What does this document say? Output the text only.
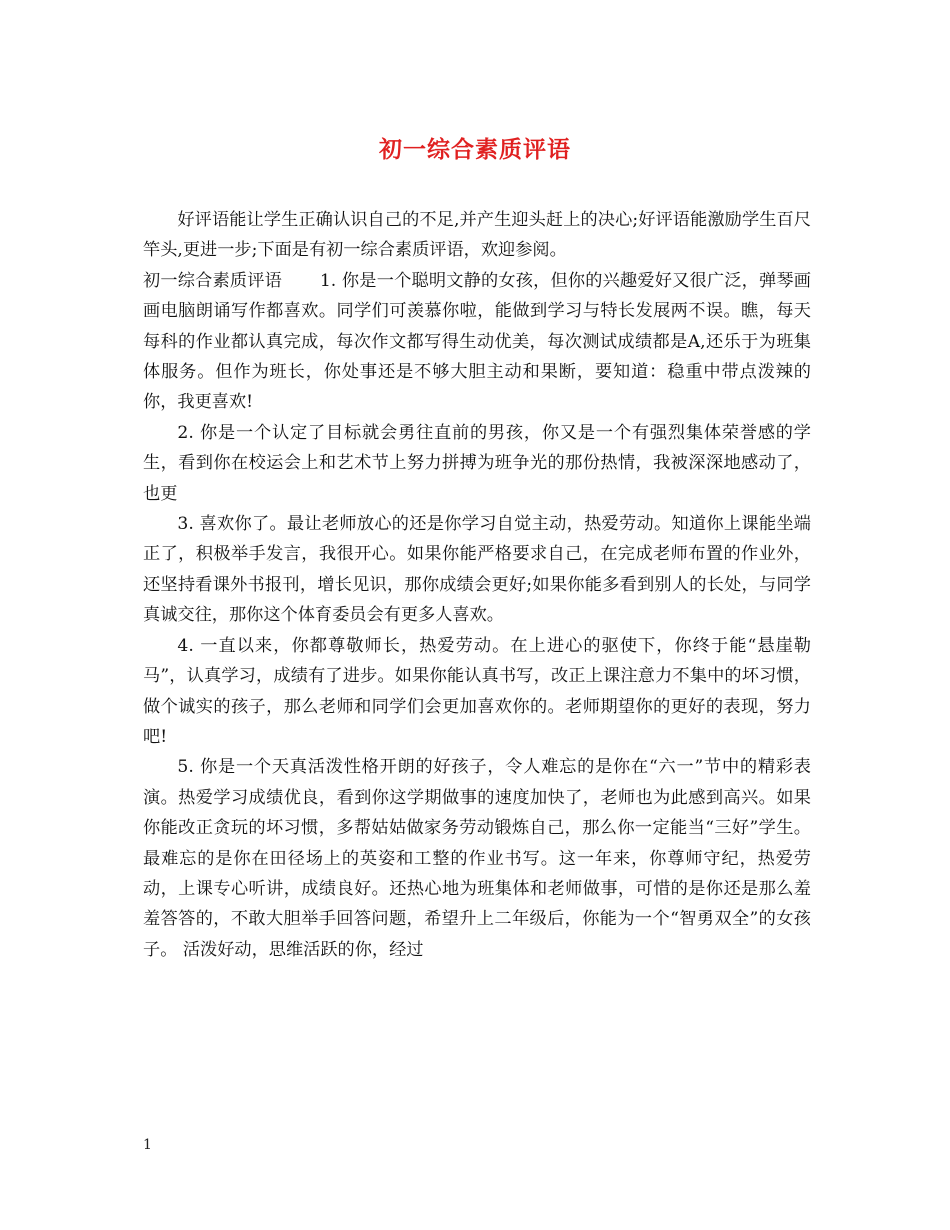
初一综合素质评语

好评语能让学生正确认识自己的不足,并产生迎头赶上的决心;好评语能激励学生百尺竿头,更进一步;下面是有初一综合素质评语，欢迎参阅。

初一综合素质评语 1. 你是一个聪明文静的女孩，但你的兴趣爱好又很广泛，弹琴画画电脑朗诵写作都喜欢。同学们可羡慕你啦，能做到学习与特长发展两不误。瞧，每天每科的作业都认真完成，每次作文都写得生动优美，每次测试成绩都是A,还乐于为班集体服务。但作为班长，你处事还是不够大胆主动和果断，要知道：稳重中带点泼辣的你，我更喜欢!

2. 你是一个认定了目标就会勇往直前的男孩，你又是一个有强烈集体荣誉感的学生，看到你在校运会上和艺术节上努力拼搏为班争光的那份热情，我被深深地感动了，也更

3. 喜欢你了。最让老师放心的还是你学习自觉主动，热爱劳动。知道你上课能坐端正了，积极举手发言，我很开心。如果你能严格要求自己，在完成老师布置的作业外，还坚持看课外书报刊，增长见识，那你成绩会更好;如果你能多看到别人的长处，与同学真诚交往，那你这个体育委员会有更多人喜欢。

4. 一直以来，你都尊敬师长，热爱劳动。在上进心的驱使下，你终于能“悬崖勒马”，认真学习，成绩有了进步。如果你能认真书写，改正上课注意力不集中的坏习惯，做个诚实的孩子，那么老师和同学们会更加喜欢你的。老师期望你的更好的表现，努力吧!

5. 你是一个天真活泼性格开朗的好孩子，令人难忘的是你在“六一”节中的精彩表演。热爱学习成绩优良，看到你这学期做事的速度加快了，老师也为此感到高兴。如果你能改正贪玩的坏习惯，多帮姑姑做家务劳动锻炼自己，那么你一定能当“三好”学生。 最难忘的是你在田径场上的英姿和工整的作业书写。这一年来，你尊师守纪，热爱劳动，上课专心听讲，成绩良好。还热心地为班集体和老师做事，可惜的是你还是那么羞羞答答的，不敢大胆举手回答问题，希望升上二年级后，你能为一个“智勇双全”的女孩子。 活泼好动，思维活跃的你，经过

1
